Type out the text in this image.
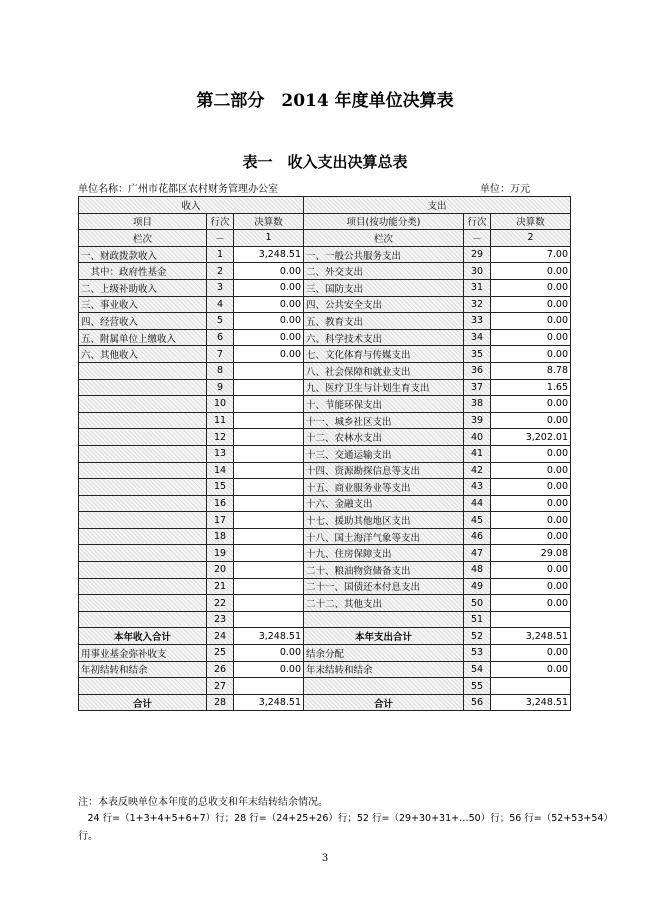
第二部分　2014 年度单位决算表
表一　收入支出决算总表
单位名称：广州市花都区农村财务管理办公室	单位：万元
收入			支出		
项目	行次	决算数	项目(按功能分类)	行次	决算数
栏次	－	1	栏次	－	2
一、财政拨款收入	1	3,248.51	一、一般公共服务支出	29	7.00
　其中：政府性基金	2	0.00	二、外交支出	30	0.00
二、上级补助收入	3	0.00	三、国防支出	31	0.00
三、事业收入	4	0.00	四、公共安全支出	32	0.00
四、经营收入	5	0.00	五、教育支出	33	0.00
五、附属单位上缴收入	6	0.00	六、科学技术支出	34	0.00
六、其他收入	7	0.00	七、文化体育与传媒支出	35	0.00
	8		八、社会保障和就业支出	36	8.78
	9		九、医疗卫生与计划生育支出	37	1.65
	10		十、节能环保支出	38	0.00
	11		十一、城乡社区支出	39	0.00
	12		十二、农林水支出	40	3,202.01
	13		十三、交通运输支出	41	0.00
	14		十四、资源勘探信息等支出	42	0.00
	15		十五、商业服务业等支出	43	0.00
	16		十六、金融支出	44	0.00
	17		十七、援助其他地区支出	45	0.00
	18		十八、国土海洋气象等支出	46	0.00
	19		十九、住房保障支出	47	29.08
	20		二十、粮油物资储备支出	48	0.00
	21		二十一、国债还本付息支出	49	0.00
	22		二十二、其他支出	50	0.00
	23			51	
本年收入合计	24	3,248.51	本年支出合计	52	3,248.51
用事业基金弥补收支	25	0.00	结余分配	53	0.00
年初结转和结余	26	0.00	年末结转和结余	54	0.00
	27			55	
合计	28	3,248.51	合计	56	3,248.51
注：本表反映单位本年度的总收支和年末结转结余情况。
　24 行=（1+3+4+5+6+7）行；28 行=（24+25+26）行；52 行=（29+30+31+…50）行；56 行=（52+53+54）
行。
3
